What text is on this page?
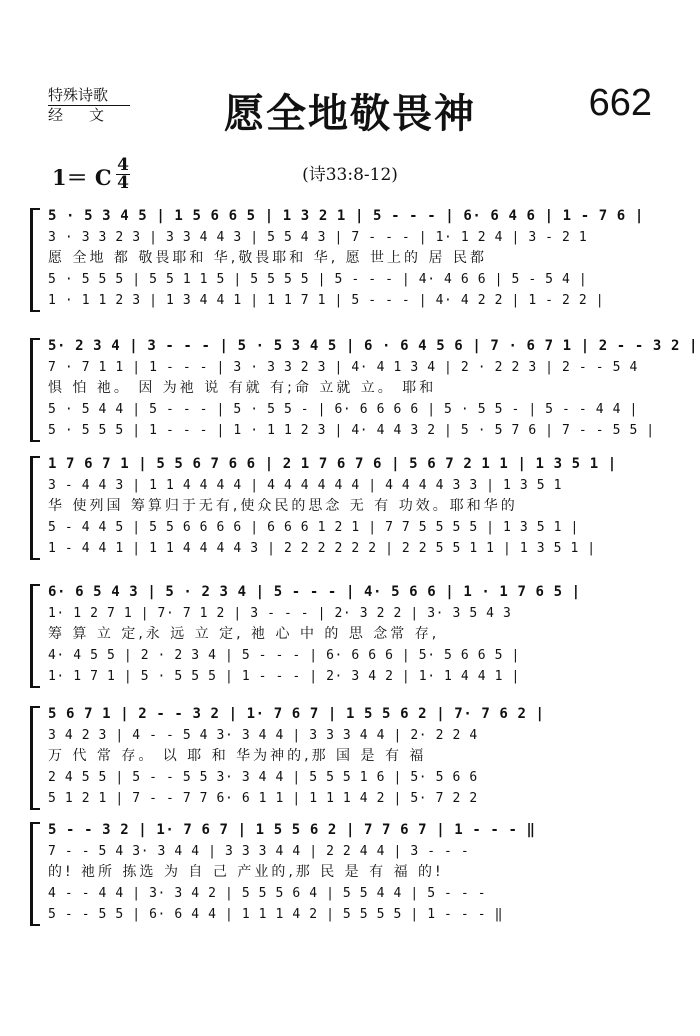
特殊诗歌
经文	愿全地敬畏神	662
1＝ C 4
4	(诗33:8-12)
5 · 5 3 4 5 | 1 5 6 6 5 | 1 3 2 1 | 5 - - - | 6· 6 4 6 | 1 - 7 6 |
3 · 3 3 2 3 | 3 3 4 4 3 | 5 5 4 3 | 7 - - - | 1· 1 2 4 | 3 - 2 1
愿 全地 都 敬畏耶和 华,敬畏耶和 华, 愿 世上的 居 民都
5 · 5 5 5 | 5 5 1 1 5 | 5 5 5 5 | 5 - - - | 4· 4 6 6 | 5 - 5 4 |
1 · 1 1 2 3 | 1 3 4 4 1 | 1 1 7 1 | 5 - - - | 4· 4 2 2 | 1 - 2 2 |
5· 2 3 4 | 3 - - - | 5 · 5 3 4 5 | 6 · 6 4 5 6 | 7 · 6 7 1 | 2 - - 3 2 |
7 · 7 1 1 | 1 - - - | 3 · 3 3 2 3 | 4· 4 1 3 4 | 2 · 2 2 3 | 2 - - 5 4
惧 怕 祂。 因 为祂 说 有就 有;命 立就 立。 耶和
5 · 5 4 4 | 5 - - - | 5 · 5 5 - | 6· 6 6 6 6 | 5 · 5 5 - | 5 - - 4 4 |
5 · 5 5 5 | 1 - - - | 1 · 1 1 2 3 | 4· 4 4 3 2 | 5 · 5 7 6 | 7 - - 5 5 |
1 7 6 7 1 | 5 5 6 7 6 6 | 2 1 7 6 7 6 | 5 6 7 2 1 1 | 1 3 5 1 |
3 - 4 4 3 | 1 1 4 4 4 4 | 4 4 4 4 4 4 | 4 4 4 4 3 3 | 1 3 5 1
华 使列国 筹算归于无有,使众民的思念 无 有 功效。耶和华的
5 - 4 4 5 | 5 5 6 6 6 6 | 6 6 6 1 2 1 | 7 7 5 5 5 5 | 1 3 5 1 |
1 - 4 4 1 | 1 1 4 4 4 4 3 | 2 2 2 2 2 2 | 2 2 5 5 1 1 | 1 3 5 1 |
6· 6 5 4 3 | 5 · 2 3 4 | 5 - - - | 4· 5 6 6 | 1 · 1 7 6 5 |
1· 1 2 7 1 | 7· 7 1 2 | 3 - - - | 2· 3 2 2 | 3· 3 5 4 3
筹 算 立 定,永 远 立 定, 祂 心 中 的 思 念常 存,
4· 4 5 5 | 2 · 2 3 4 | 5 - - - | 6· 6 6 6 | 5· 5 6 6 5 |
1· 1 7 1 | 5 · 5 5 5 | 1 - - - | 2· 3 4 2 | 1· 1 4 4 1 |
5 6 7 1 | 2 - - 3 2 | 1· 7 6 7 | 1 5 5 6 2 | 7· 7 6 2 |
3 4 2 3 | 4 - - 5 4 3· 3 4 4 | 3 3 3 4 4 | 2· 2 2 4
万 代 常 存。 以 耶 和 华为神的,那 国 是 有 福
2 4 5 5 | 5 - - 5 5 3· 3 4 4 | 5 5 5 1 6 | 5· 5 6 6
5 1 2 1 | 7 - - 7 7 6· 6 1 1 | 1 1 1 4 2 | 5· 7 2 2
5 - - 3 2 | 1· 7 6 7 | 1 5 5 6 2 | 7 7 6 7 | 1 - - - ‖
7 - - 5 4 3· 3 4 4 | 3 3 3 4 4 | 2 2 4 4 | 3 - - -
的! 祂所 拣选 为 自 己 产业的,那 民 是 有 福 的!
4 - - 4 4 | 3· 3 4 2 | 5 5 5 6 4 | 5 5 4 4 | 5 - - -
5 - - 5 5 | 6· 6 4 4 | 1 1 1 4 2 | 5 5 5 5 | 1 - - - ‖
